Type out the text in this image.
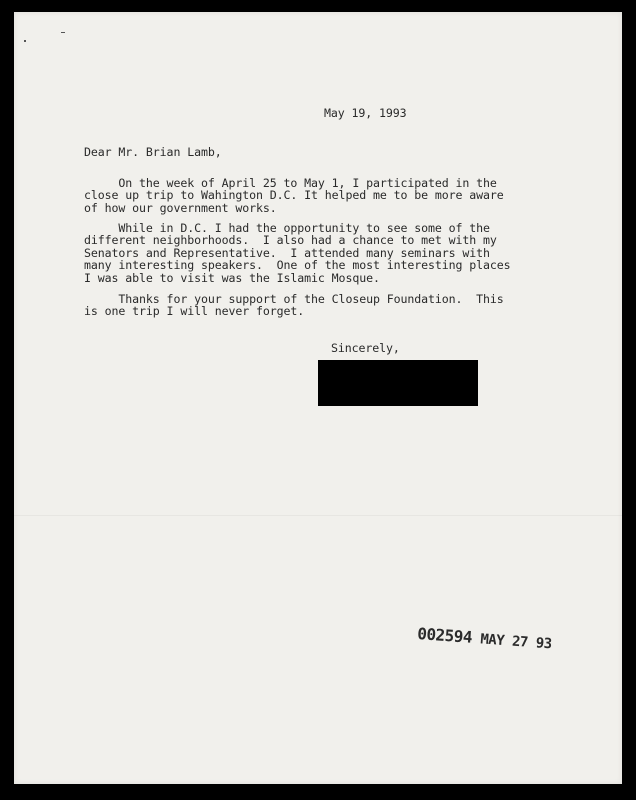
May 19, 1993
Dear Mr. Brian Lamb,
On the week of April 25 to May 1, I participated in the
close up trip to Wahington D.C. It helped me to be more aware
of how our government works.
While in D.C. I had the opportunity to see some of the
different neighborhoods.  I also had a chance to met with my
Senators and Representative.  I attended many seminars with
many interesting speakers.  One of the most interesting places
I was able to visit was the Islamic Mosque.
Thanks for your support of the Closeup Foundation.  This
is one trip I will never forget.
Sincerely,
002594 MAY 27 93
